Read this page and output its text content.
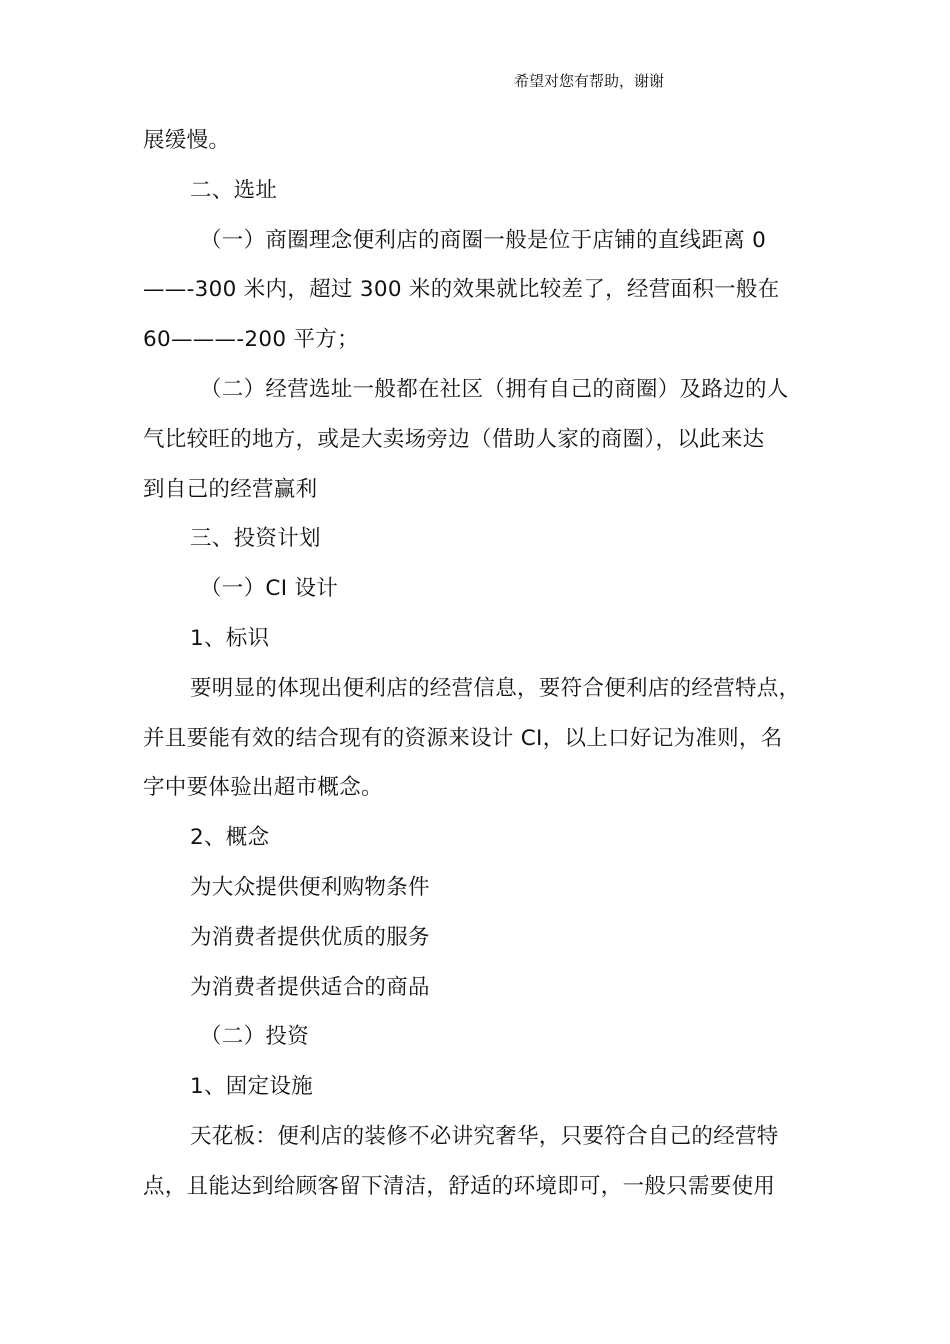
希望对您有帮助，谢谢
展缓慢。
二、选址
（一）商圈理念便利店的商圈一般是位于店铺的直线距离 0
——-300 米内，超过 300 米的效果就比较差了，经营面积一般在
60———-200 平方；
（二）经营选址一般都在社区（拥有自己的商圈）及路边的人
气比较旺的地方，或是大卖场旁边（借助人家的商圈），以此来达
到自己的经营赢利
三、投资计划
（一）CI 设计
1、标识
要明显的体现出便利店的经营信息，要符合便利店的经营特点，
并且要能有效的结合现有的资源来设计 CI，以上口好记为准则，名
字中要体验出超市概念。
2、概念
为大众提供便利购物条件
为消费者提供优质的服务
为消费者提供适合的商品
（二）投资
1、固定设施
天花板：便利店的装修不必讲究奢华，只要符合自己的经营特
点，且能达到给顾客留下清洁，舒适的环境即可，一般只需要使用
